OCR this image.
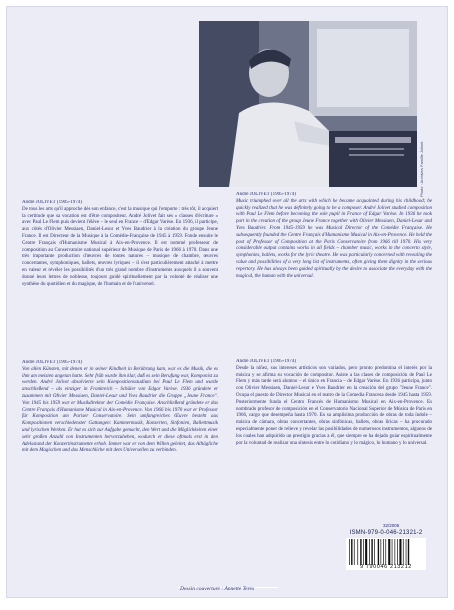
Photo : Archives Famille Jolivet

André JOLIVET (1905-1974)

De tous les arts qu'il approche dès son enfance, c'est la musique qui l'emporte : très tôt, il acquiert la certitude que sa vocation est d'être compositeur. André Jolivet fait ses « classes d'écriture » avec Paul Le Flem puis devient l'élève – le seul en France – d'Edgar Varèse. En 1936, il participe, aux côtés d'Olivier Messiaen, Daniel-Lesur et Yves Baudrier à la création du groupe Jeune France. Il est Directeur de la Musique à la Comédie-Française de 1945 à 1959. Fonde ensuite le Centre Français d'Humanisme Musical à Aix-en-Provence. Il est nommé professeur de composition au Conservatoire national supérieur de Musique de Paris de 1966 à 1970. Dans une très importante production d'œuvres de toutes natures – musique de chambre, œuvres concertantes, symphoniques, ballets, œuvres lyriques – il s'est particulièrement attaché à mettre en valeur et révéler les possibilités d'un très grand nombre d'instruments auxquels il a souvent donné leurs lettres de noblesse, toujours guidé spirituellement par la volonté de réaliser une synthèse du quotidien et du magique, de l'humain et de l'universel.

André JOLIVET (1905-1974)

Music triumphed over all the arts with which he became acquainted during his childhood; he quickly realized that he was definitely going to be a composer. André Jolivet studied composition with Paul Le Flem before becoming the sole pupil in France of Edgar Varèse. In 1936 he took part in the creation of the group Jeune France together with Olivier Messiaen, Daniel-Lesur and Yves Baudrier. From 1945-1959 he was Musical Director of the Comédie Française. He subsequently founded the Centre Français d'Humanisme Musical in Aix-en-Provence. He held the post of Professor of Composition at the Paris Conservatoire from 1966 till 1970. His very considerable output contains works in all fields – chamber music, works in the concerto style, symphonies, ballets, works for the lyric theatre. He was particularly concerned with revealing the value and possibilities of a very long list of instruments, often giving them dignity in the serious repertory. He has always been guided spiritually by the desire to associate the everyday with the magical, the human with the universal.

André JOLIVET (1905-1974)

Von allen Künsten, mit denen er in seiner Kindheit in Berührung kam, war es die Musik, die es ihm am meisten angetan hatte. Sehr früh wurde ihm klar, daß es sein Berufung war, Komponist zu werden. André Jolivet absolvierte sein Kompositionsstudium bei Paul Le Flem und wurde anschließend – als einziger in Frankreich – Schüler von Edgar Varèse. 1936 gründete er zusammen mit Olivier Messiaen, Daniel-Lesur und Yves Baudrier die Gruppe „Jeune France". Von 1945 bis 1959 war er Musikdirektor der Comédie Française. Anschließend gründete er das Centre Français d'Humanisme Musical in Aix-en-Provence. Von 1966 bis 1970 war er Professor für Komposition am Pariser Conservatoire. Sein umfangreiches Œuvre besteht aus Kompositionen verschiedenster Gattungen: Kammermusik, Konzerten, Sinfonien, Ballettmusik und lyrischen Werken. Er hat es sich zur Aufgabe gemacht, den Wert und die Möglichkeiten einer sehr großen Anzahl von Instrumenten hervorzuheben, wodurch er diese oftmals erst in den Adelsstand der Konzertinstrumente erhob. Immer war er von dem Willen geleitet, das Alltägliche mit dem Magischen und das Menschliche mit dem Universellen zu verbinden.

André JOLIVET (1905-1974)

Desde la niñez, sus intereses artísticos son variados, pero pronto predomina el interés por la música y se afirma su vocación de compositor. Asiste a las clases de composición de Paul Le Flem y más tarde será alumno – el único en Francia – de Edgar Varèse. En 1936 participa, junto con Olivier Messiaen, Daniel-Lesur e Yves Baudrier en la creación del grupo "Jeune France". Ocupa el puesto de Director Musical en el teatro de la Comedia Francesa desde 1945 hasta 1959. Posteriormente funda el Centro Francés de Humanismo Musical en Aix-en-Provence. Es nombrado profesor de composición en el Conservatorio Nacional Superior de Música de París en 1966, cargo que desempeña hasta 1970. En su amplísima producción de obras de toda índole – música de cámara, obras concertantes, obras sinfónicas, ballets, obras líricas – ha procurado especialmente poner de relieve y revelar las posibilidades de numerosos instrumentos, algunos de los cuales han adquirido un prestigio gracias a él, que siempre se ha dejado guiar espiritualmente por la voluntad de realizar una síntesis entre lo cotidiano y lo mágico, lo humano y lo universal.

32/2006
ISMN-979-0-046-21321-2
9 790046 213212
Dessin couverture : Annette Teres
